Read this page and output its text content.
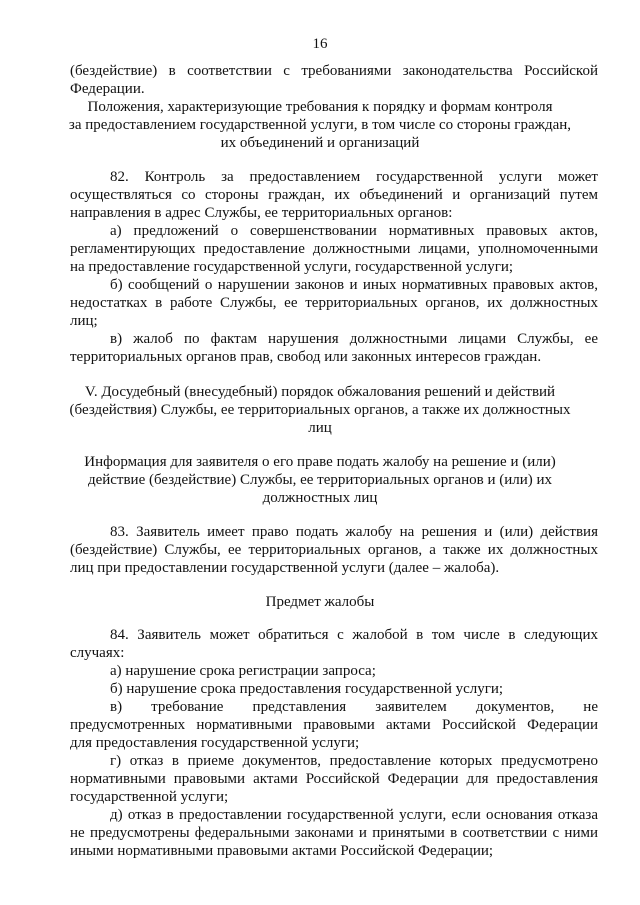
16
(бездействие) в соответствии с требованиями законодательства Российской
Федерации.
Положения, характеризующие требования к порядку и формам контроля
за предоставлением государственной услуги, в том числе со стороны граждан,
их объединений и организаций
82. Контроль за предоставлением государственной услуги может
осуществляться со стороны граждан, их объединений и организаций путем
направления в адрес Службы, ее территориальных органов:
а) предложений о совершенствовании нормативных правовых актов,
регламентирующих предоставление должностными лицами, уполномоченными
на предоставление государственной услуги, государственной услуги;
б) сообщений о нарушении законов и иных нормативных правовых актов,
недостатках в работе Службы, ее территориальных органов, их должностных
лиц;
в) жалоб по фактам нарушения должностными лицами Службы, ее
территориальных органов прав, свобод или законных интересов граждан.
V. Досудебный (внесудебный) порядок обжалования решений и действий
(бездействия) Службы, ее территориальных органов, а также их должностных
лиц
Информация для заявителя о его праве подать жалобу на решение и (или)
действие (бездействие) Службы, ее территориальных органов и (или) их
должностных лиц
83. Заявитель имеет право подать жалобу на решения и (или) действия
(бездействие) Службы, ее территориальных органов, а также их должностных
лиц при предоставлении государственной услуги (далее – жалоба).
Предмет жалобы
84. Заявитель может обратиться с жалобой в том числе в следующих
случаях:
а) нарушение срока регистрации запроса;
б) нарушение срока предоставления государственной услуги;
в) требование представления заявителем документов, не
предусмотренных нормативными правовыми актами Российской Федерации
для предоставления государственной услуги;
г) отказ в приеме документов, предоставление которых предусмотрено
нормативными правовыми актами Российской Федерации для предоставления
государственной услуги;
д) отказ в предоставлении государственной услуги, если основания отказа
не предусмотрены федеральными законами и принятыми в соответствии с ними
иными нормативными правовыми актами Российской Федерации;
